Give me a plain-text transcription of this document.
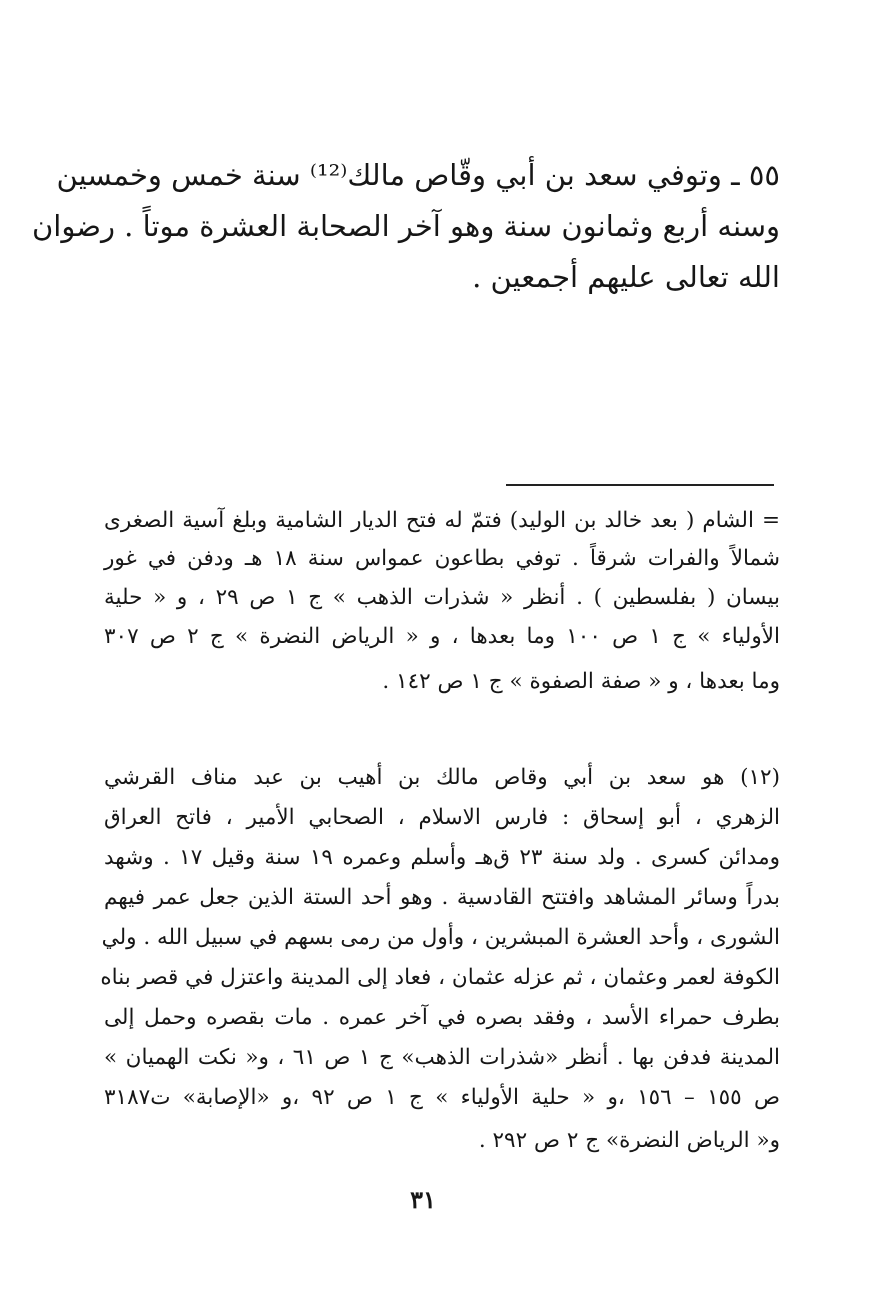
٥٥ ـ وتوفي سعد بن أبي وقّاص مالك⁽¹²⁾ سنة خمس وخمسين
وسنه أربع وثمانون سنة وهو آخر الصحابة العشرة موتاً . رضوان
الله تعالى عليهم أجمعين .
= الشام ( بعد خالد بن الوليد) فتمّ له فتح الديار الشامية وبلغ آسية الصغرى
شمالاً والفرات شرقاً . توفي بطاعون عمواس سنة ١٨ هـ ودفن في غور
بيسان ( بفلسطين ) . أنظر « شذرات الذهب » ج ١ ص ٢٩ ، و « حلية
الأولياء » ج ١ ص ١٠٠ وما بعدها ، و « الرياض النضرة » ج ٢ ص ٣٠٧
وما بعدها ، و « صفة الصفوة » ج ١ ص ١٤٢ .
(١٢) هو سعد بن أبي وقاص مالك بن أهيب بن عبد مناف القرشي
الزهري ، أبو إسحاق : فارس الاسلام ، الصحابي الأمير ، فاتح العراق
ومدائن كسرى . ولد سنة ٢٣ ق‌هـ وأسلم وعمره ١٩ سنة وقيل ١٧ . وشهد
بدراً وسائر المشاهد وافتتح القادسية . وهو أحد الستة الذين جعل عمر فيهم
الشورى ، وأحد العشرة المبشرين ، وأول من رمى بسهم في سبيل الله . ولي
الكوفة لعمر وعثمان ، ثم عزله عثمان ، فعاد إلى المدينة واعتزل في قصر بناه
بطرف حمراء الأسد ، وفقد بصره في آخر عمره . مات بقصره وحمل إلى
المدينة فدفن بها . أنظر «شذرات الذهب» ج ١ ص ٦١ ، و« نكت الهميان »
ص ١٥٥ – ١٥٦ ،و « حلية الأولياء » ج ١ ص ٩٢ ،و «الإصابة» ت٣١٨٧
و« الرياض النضرة» ج ٢ ص ٢٩٢ .
٣١
